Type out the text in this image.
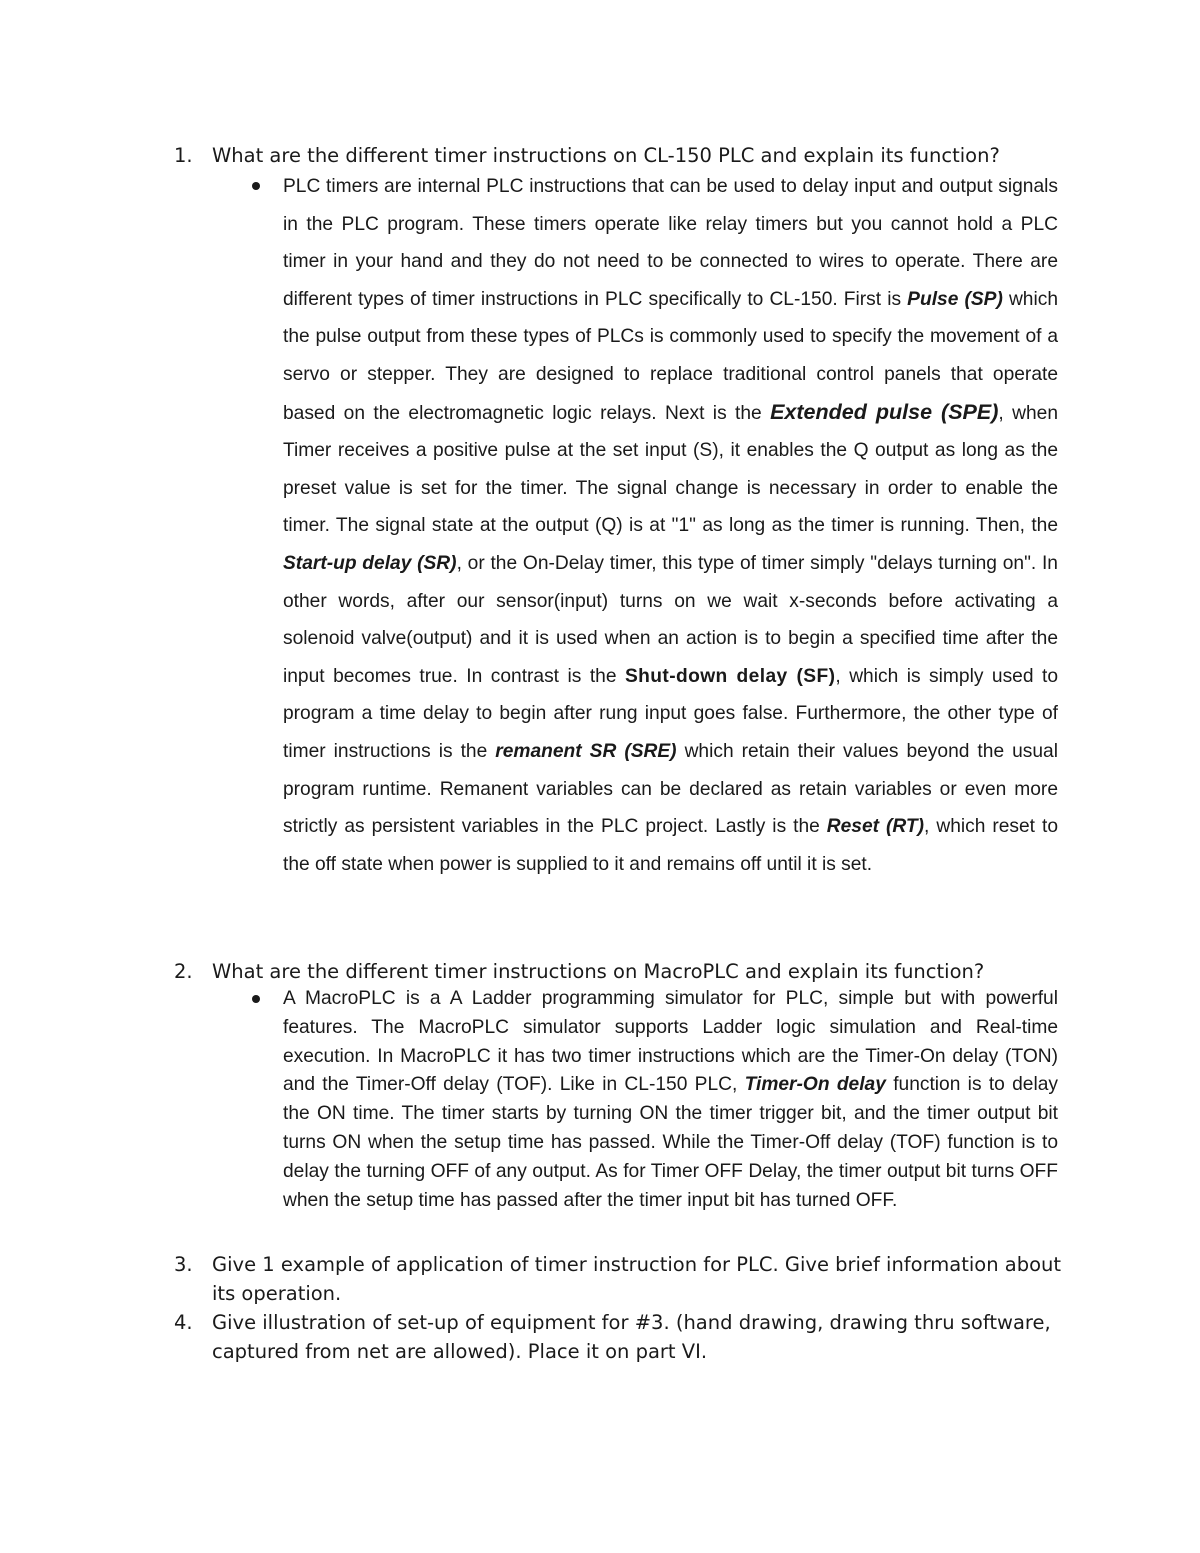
1. What are the different timer instructions on CL-150 PLC and explain its function?
PLC timers are internal PLC instructions that can be used to delay input and output signals in the PLC program. These timers operate like relay timers but you cannot hold a PLC timer in your hand and they do not need to be connected to wires to operate. There are different types of timer instructions in PLC specifically to CL-150. First is Pulse (SP) which the pulse output from these types of PLCs is commonly used to specify the movement of a servo or stepper. They are designed to replace traditional control panels that operate based on the electromagnetic logic relays. Next is the Extended pulse (SPE), when Timer receives a positive pulse at the set input (S), it enables the Q output as long as the preset value is set for the timer. The signal change is necessary in order to enable the timer. The signal state at the output (Q) is at "1" as long as the timer is running. Then, the Start-up delay (SR), or the On-Delay timer, this type of timer simply "delays turning on". In other words, after our sensor(input) turns on we wait x-seconds before activating a solenoid valve(output) and it is used when an action is to begin a specified time after the input becomes true. In contrast is the Shut-down delay (SF), which is simply used to program a time delay to begin after rung input goes false. Furthermore, the other type of timer instructions is the remanent SR (SRE) which retain their values beyond the usual program runtime. Remanent variables can be declared as retain variables or even more strictly as persistent variables in the PLC project. Lastly is the Reset (RT), which reset to the off state when power is supplied to it and remains off until it is set.
2. What are the different timer instructions on MacroPLC and explain its function?
A MacroPLC is a A Ladder programming simulator for PLC, simple but with powerful features. The MacroPLC simulator supports Ladder logic simulation and Real-time execution. In MacroPLC it has two timer instructions which are the Timer-On delay (TON) and the Timer-Off delay (TOF). Like in CL-150 PLC, Timer-On delay function is to delay the ON time. The timer starts by turning ON the timer trigger bit, and the timer output bit turns ON when the setup time has passed. While the Timer-Off delay (TOF) function is to delay the turning OFF of any output. As for Timer OFF Delay, the timer output bit turns OFF when the setup time has passed after the timer input bit has turned OFF.
3. Give 1 example of application of timer instruction for PLC. Give brief information about its operation.
4. Give illustration of set-up of equipment for #3. (hand drawing, drawing thru software, captured from net are allowed). Place it on part VI.
